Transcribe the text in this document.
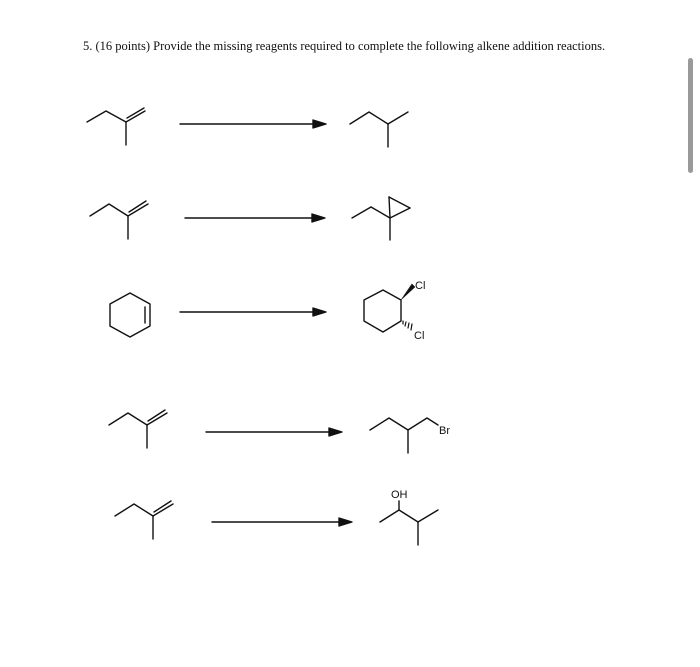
5. (16 points) Provide the missing reagents required to complete the following alkene addition reactions.
Cl
Cl
Br
OH
